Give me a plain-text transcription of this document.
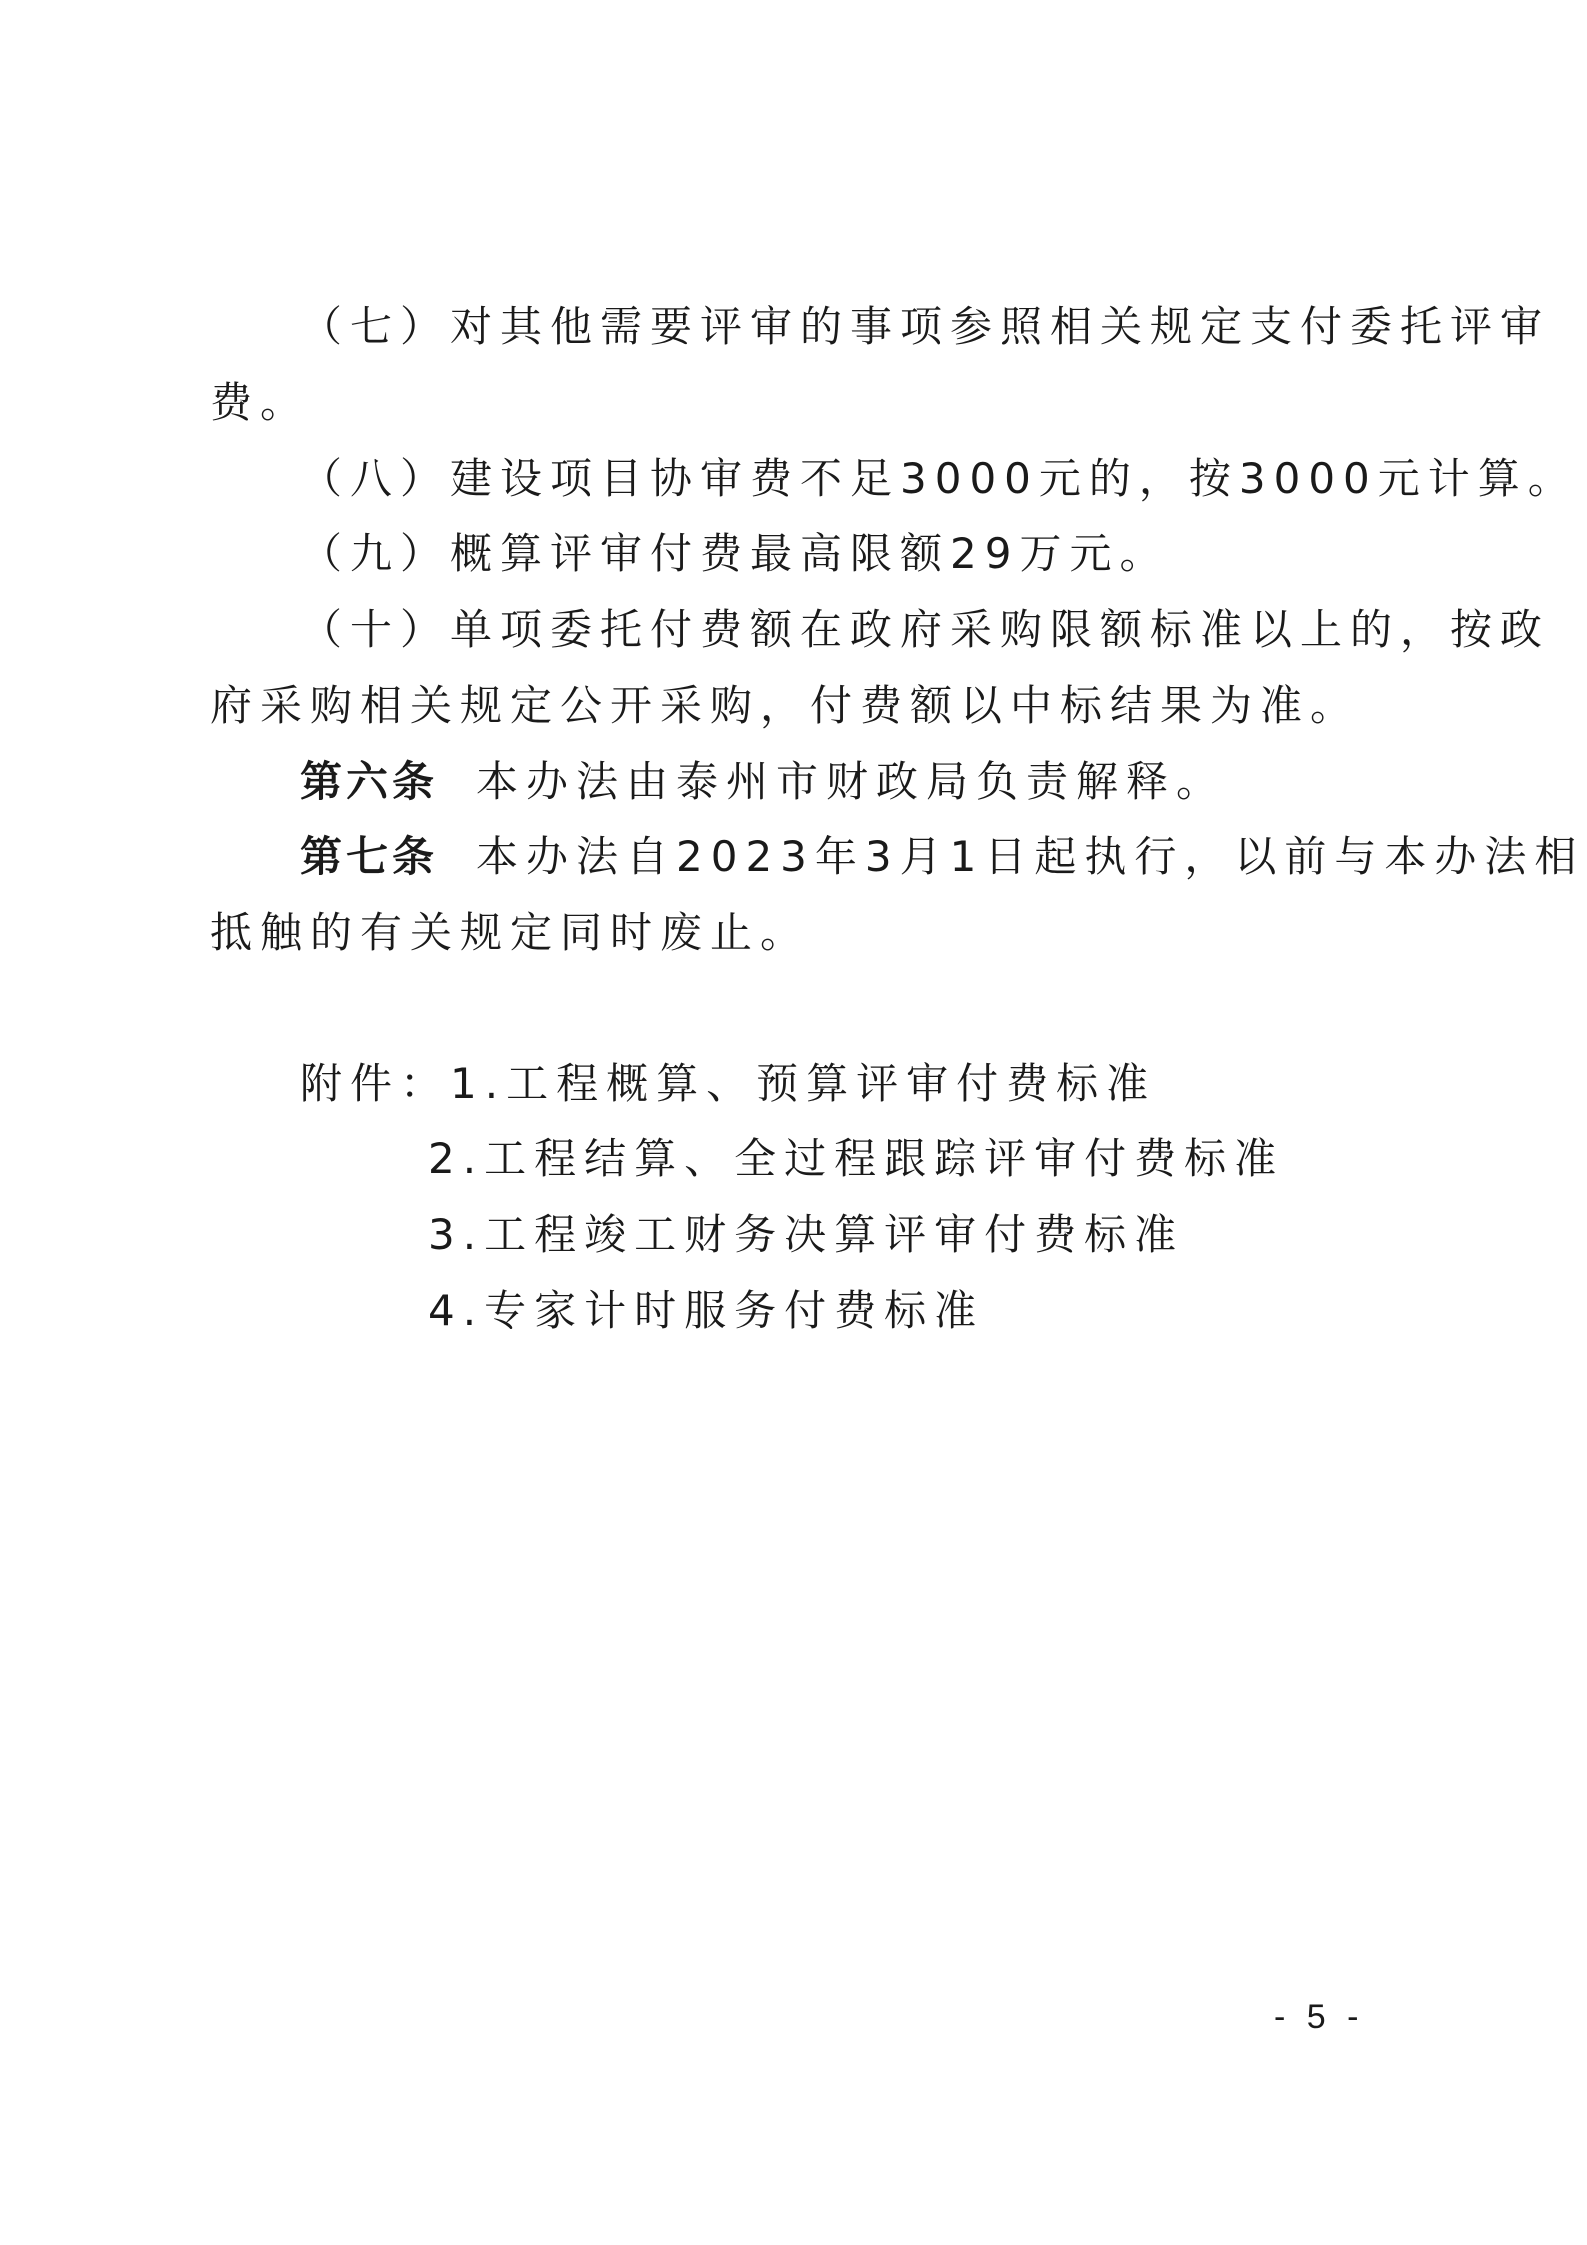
（七）对其他需要评审的事项参照相关规定支付委托评审
费。
（八）建设项目协审费不足3000元的，按3000元计算。
（九）概算评审付费最高限额29万元。
（十）单项委托付费额在政府采购限额标准以上的，按政
府采购相关规定公开采购，付费额以中标结果为准。
第六条 本办法由泰州市财政局负责解释。
第七条 本办法自2023年3月1日起执行，以前与本办法相
抵触的有关规定同时废止。
附件：1.工程概算、预算评审付费标准
2.工程结算、全过程跟踪评审付费标准
3.工程竣工财务决算评审付费标准
4.专家计时服务付费标准
- 5 -
